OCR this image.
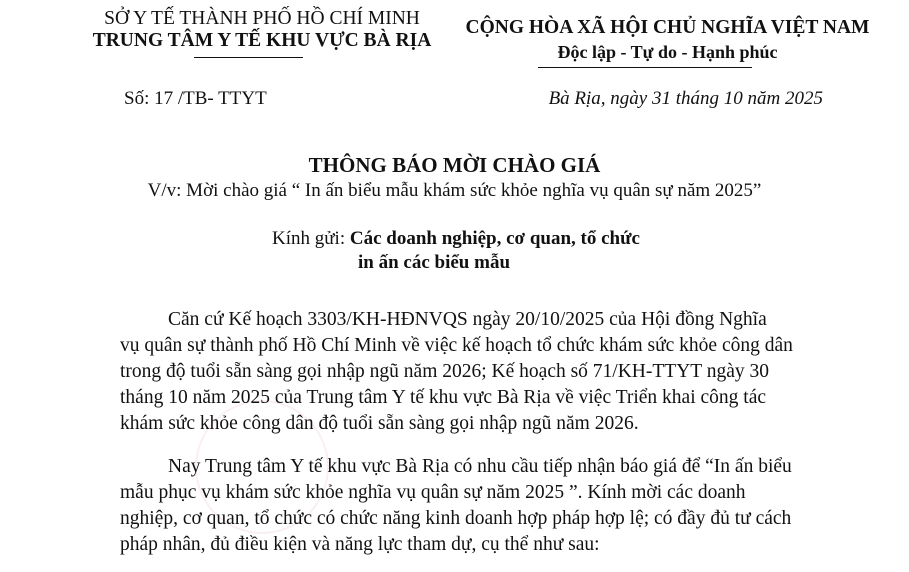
SỞ Y TẾ THÀNH PHỐ HỒ CHÍ MINH
TRUNG TÂM Y TẾ KHU VỰC BÀ RỊA
CỘNG HÒA XÃ HỘI CHỦ NGHĨA VIỆT NAM
Độc lập - Tự do - Hạnh phúc
Số: 17 /TB- TTYT	Bà Rịa, ngày 31 tháng 10 năm 2025
THÔNG BÁO MỜI CHÀO GIÁ
V/v: Mời chào giá “ In ấn biểu mẫu khám sức khỏe nghĩa vụ quân sự năm 2025”
Kính gửi: Các doanh nghiệp, cơ quan, tổ chức
in ấn các biểu mẫu
Căn cứ Kế hoạch 3303/KH-HĐNVQS ngày 20/10/2025 của Hội đồng Nghĩa
vụ quân sự thành phố Hồ Chí Minh về việc kế hoạch tổ chức khám sức khỏe công dân
trong độ tuổi sẵn sàng gọi nhập ngũ năm 2026; Kế hoạch số 71/KH-TTYT ngày 30
tháng 10 năm 2025 của Trung tâm Y tế khu vực Bà Rịa về việc Triển khai công tác
khám sức khỏe công dân độ tuổi sẵn sàng gọi nhập ngũ năm 2026.
Nay Trung tâm Y tế khu vực Bà Rịa có nhu cầu tiếp nhận báo giá để “In ấn biểu
mẫu phục vụ khám sức khỏe nghĩa vụ quân sự năm 2025 ”. Kính mời các doanh
nghiệp, cơ quan, tổ chức có chức năng kinh doanh hợp pháp hợp lệ; có đầy đủ tư cách
pháp nhân, đủ điều kiện và năng lực tham dự, cụ thể như sau:
